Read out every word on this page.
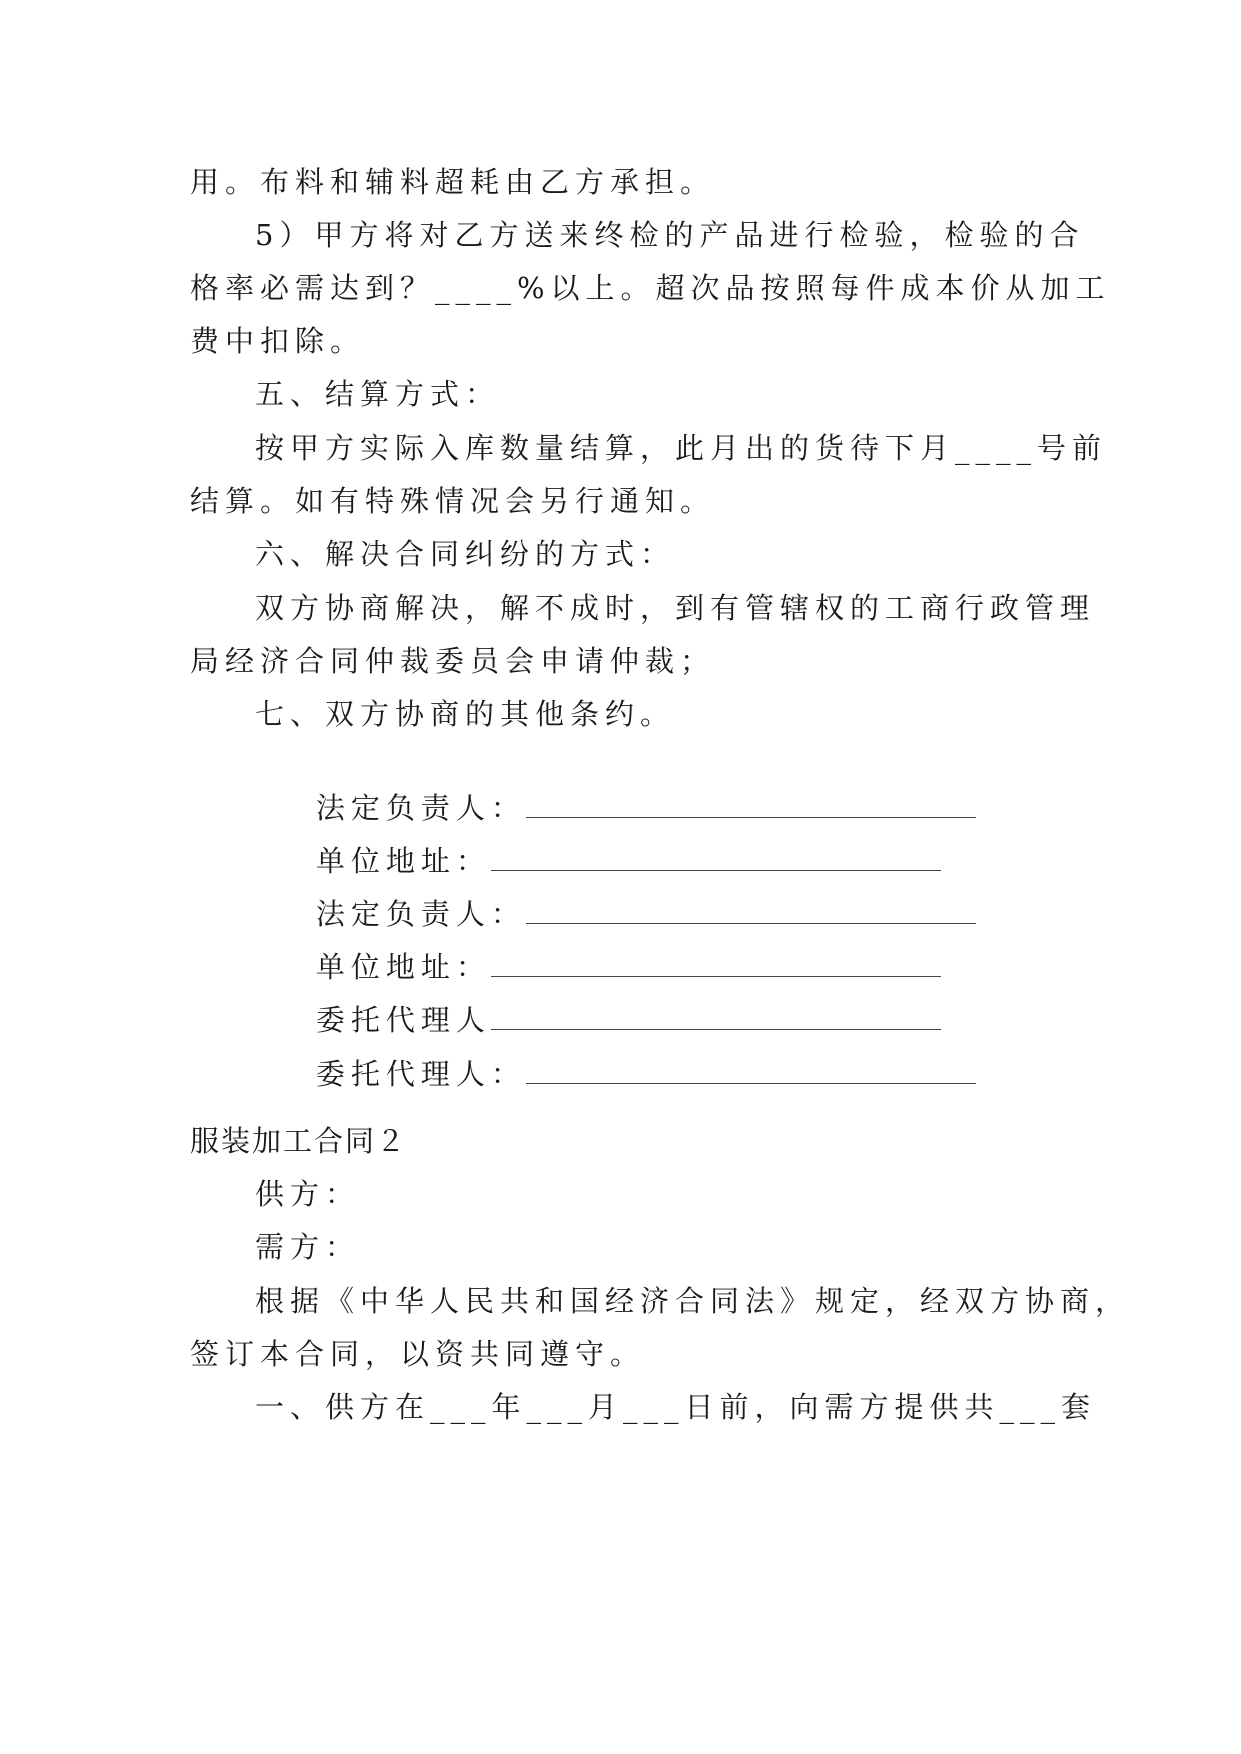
用。布料和辅料超耗由乙方承担。
5）甲方将对乙方送来终检的产品进行检验，检验的合
格率必需达到？____%以上。超次品按照每件成本价从加工
费中扣除。
五、结算方式：
按甲方实际入库数量结算，此月出的货待下月____号前
结算。如有特殊情况会另行通知。
六、解决合同纠纷的方式：
双方协商解决，解不成时，到有管辖权的工商行政管理
局经济合同仲裁委员会申请仲裁；
七、双方协商的其他条约。

法定负责人：

单位地址：

法定负责人：

单位地址：

委托代理人

委托代理人：

服装加工合同２
供方：
需方：
根据《中华人民共和国经济合同法》规定，经双方协商，
签订本合同，以资共同遵守。
一、供方在___年___月___日前，向需方提供共___套
